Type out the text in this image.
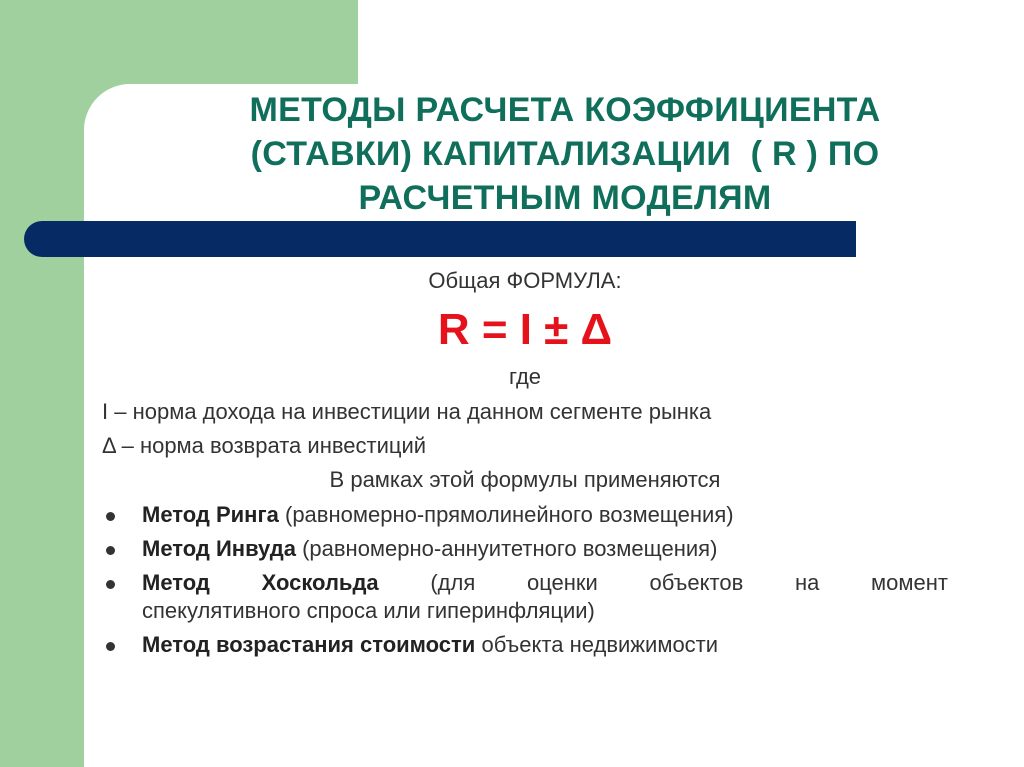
МЕТОДЫ РАСЧЕТА КОЭФФИЦИЕНТА
(СТАВКИ) КАПИТАЛИЗАЦИИ  ( R ) ПО
РАСЧЕТНЫМ МОДЕЛЯМ
Общая ФОРМУЛА:
R = I ± Δ
где
I – норма дохода на инвестиции на данном сегменте рынка
Δ – норма возврата инвестиций
В рамках этой формулы применяются
Метод Ринга (равномерно-прямолинейного возмещения)
Метод Инвуда (равномерно-аннуитетного возмещения)
Метод  Хоскольда  (для  оценки  объектов  на  момент
спекулятивного спроса или гиперинфляции)
Метод возрастания стоимости объекта недвижимости
